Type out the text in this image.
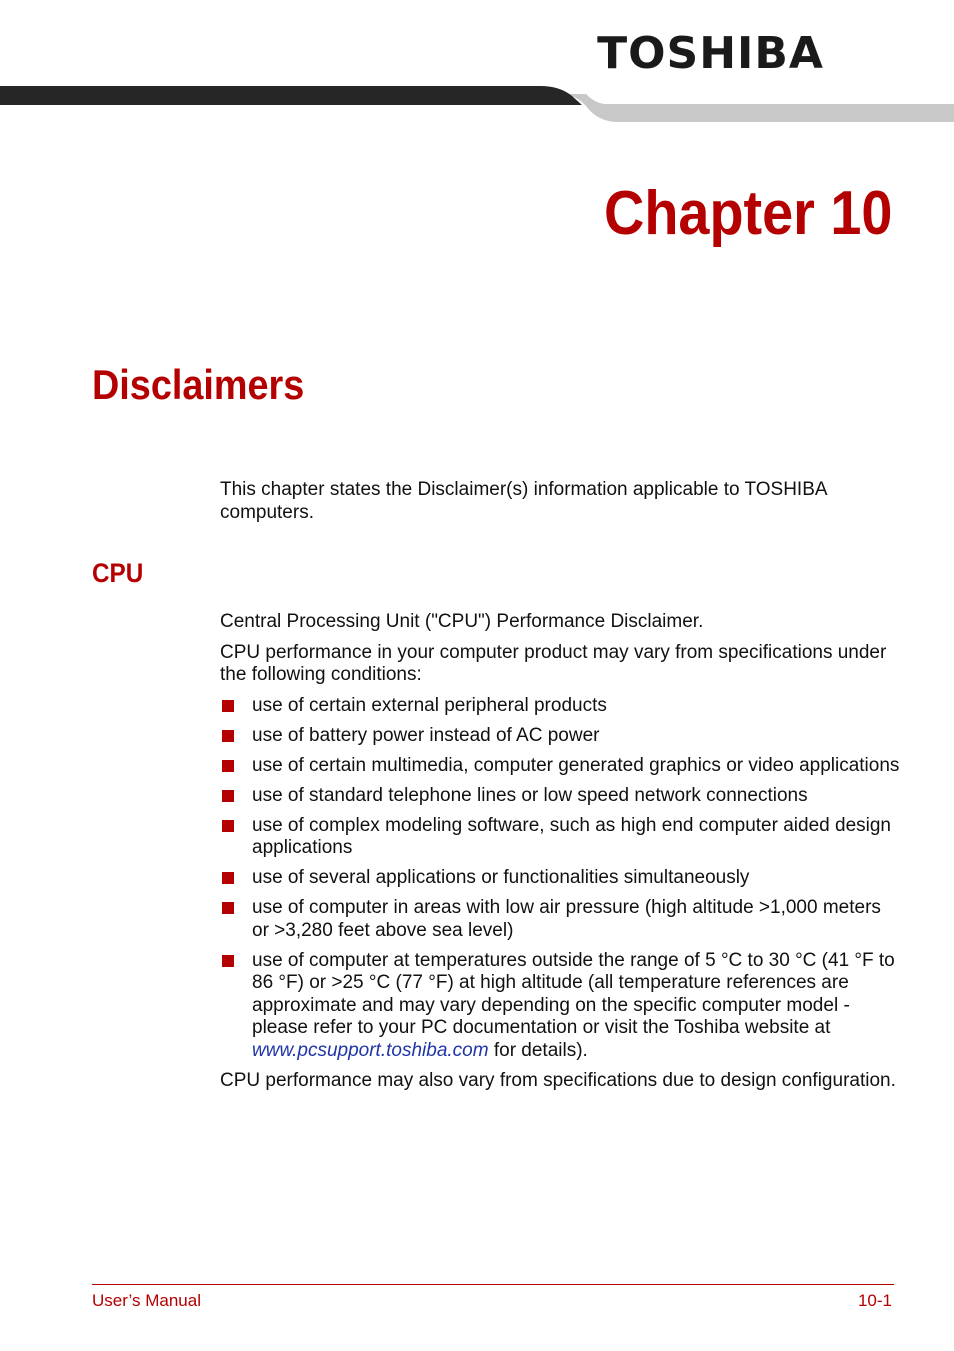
TOSHIBA
Chapter 10
Disclaimers

This chapter states the Disclaimer(s) information applicable to TOSHIBA computers.

CPU

Central Processing Unit ("CPU") Performance Disclaimer.

CPU performance in your computer product may vary from specifications under the following conditions:

use of certain external peripheral products
use of battery power instead of AC power
use of certain multimedia, computer generated graphics or video applications
use of standard telephone lines or low speed network connections
use of complex modeling software, such as high end computer aided design applications
use of several applications or functionalities simultaneously
use of computer in areas with low air pressure (high altitude >1,000 meters or >3,280 feet above sea level)
use of computer at temperatures outside the range of 5 °C to 30 °C (41 °F to 86 °F) or >25 °C (77 °F) at high altitude (all temperature references are approximate and may vary depending on the specific computer model - please refer to your PC documentation or visit the Toshiba website at www.pcsupport.toshiba.com for details).

CPU performance may also vary from specifications due to design configuration.

User’s Manual	10-1
